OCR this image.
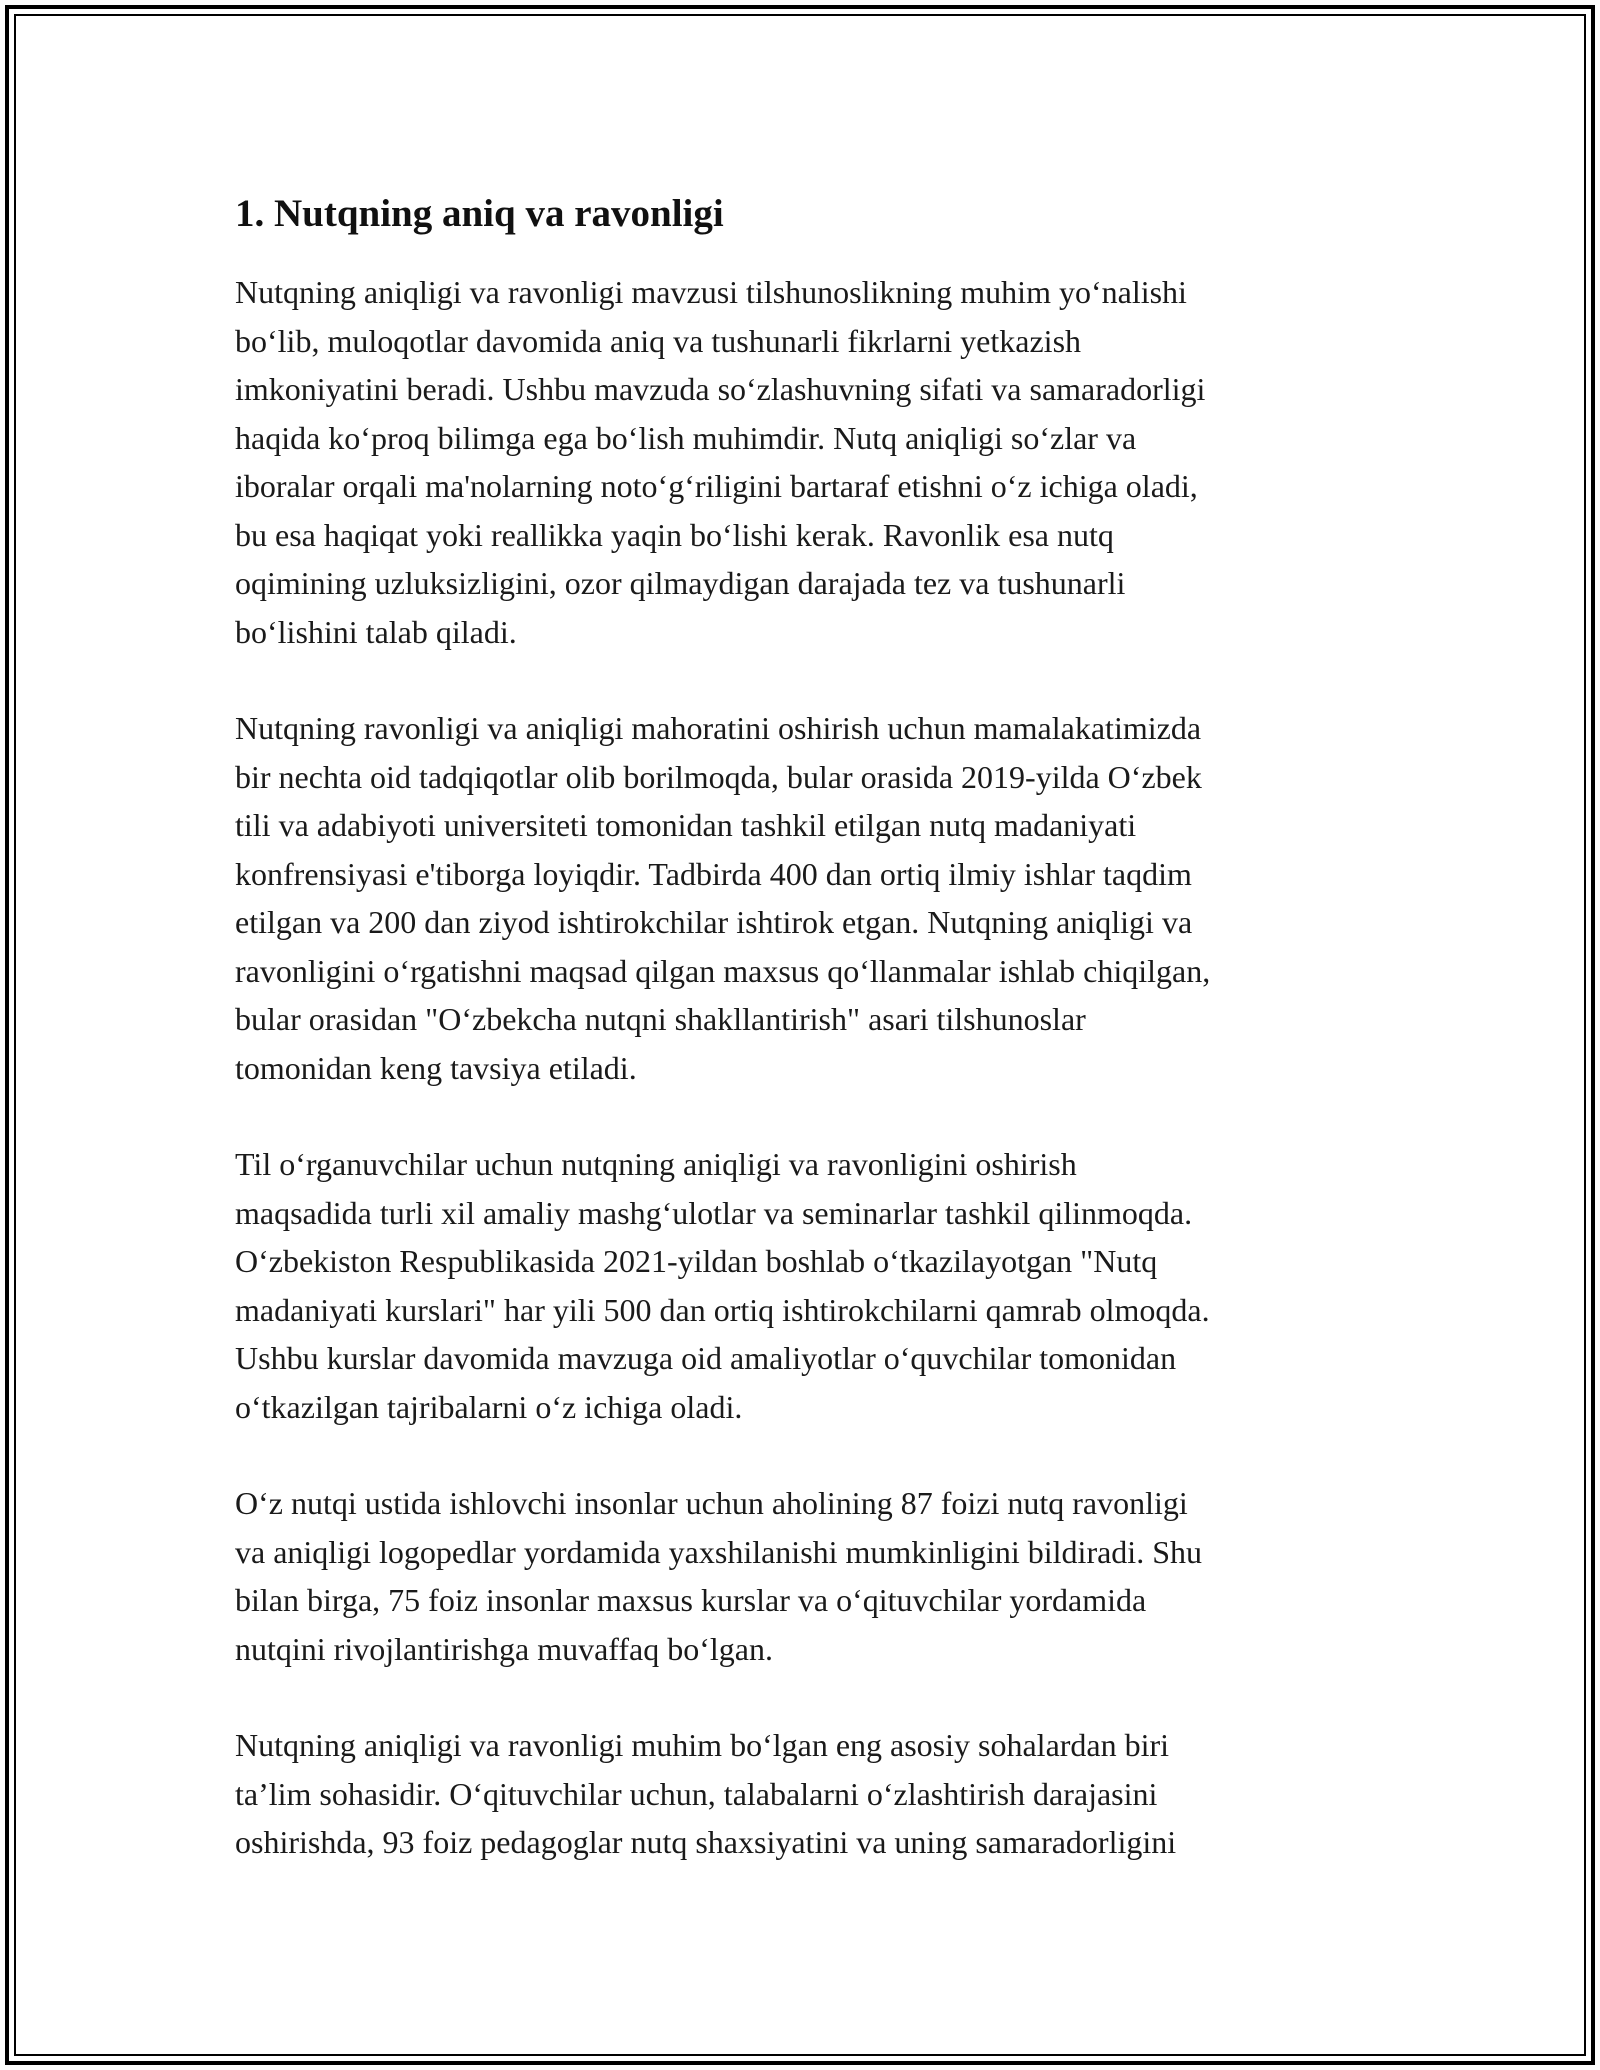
1. Nutqning aniq va ravonligi

Nutqning aniqligi va ravonligi mavzusi tilshunoslikning muhim yo‘nalishi
bo‘lib, muloqotlar davomida aniq va tushunarli fikrlarni yetkazish
imkoniyatini beradi. Ushbu mavzuda so‘zlashuvning sifati va samaradorligi
haqida ko‘proq bilimga ega bo‘lish muhimdir. Nutq aniqligi so‘zlar va
iboralar orqali ma'nolarning noto‘g‘riligini bartaraf etishni o‘z ichiga oladi,
bu esa haqiqat yoki reallikka yaqin bo‘lishi kerak. Ravonlik esa nutq
oqimining uzluksizligini, ozor qilmaydigan darajada tez va tushunarli
bo‘lishini talab qiladi.

Nutqning ravonligi va aniqligi mahoratini oshirish uchun mamalakatimizda
bir nechta oid tadqiqotlar olib borilmoqda, bular orasida 2019-yilda O‘zbek
tili va adabiyoti universiteti tomonidan tashkil etilgan nutq madaniyati
konfrensiyasi e'tiborga loyiqdir. Tadbirda 400 dan ortiq ilmiy ishlar taqdim
etilgan va 200 dan ziyod ishtirokchilar ishtirok etgan. Nutqning aniqligi va
ravonligini o‘rgatishni maqsad qilgan maxsus qo‘llanmalar ishlab chiqilgan,
bular orasidan "O‘zbekcha nutqni shakllantirish" asari tilshunoslar
tomonidan keng tavsiya etiladi.

Til o‘rganuvchilar uchun nutqning aniqligi va ravonligini oshirish
maqsadida turli xil amaliy mashg‘ulotlar va seminarlar tashkil qilinmoqda.
O‘zbekiston Respublikasida 2021-yildan boshlab o‘tkazilayotgan "Nutq
madaniyati kurslari" har yili 500 dan ortiq ishtirokchilarni qamrab olmoqda.
Ushbu kurslar davomida mavzuga oid amaliyotlar o‘quvchilar tomonidan
o‘tkazilgan tajribalarni o‘z ichiga oladi.

O‘z nutqi ustida ishlovchi insonlar uchun aholining 87 foizi nutq ravonligi
va aniqligi logopedlar yordamida yaxshilanishi mumkinligini bildiradi. Shu
bilan birga, 75 foiz insonlar maxsus kurslar va o‘qituvchilar yordamida
nutqini rivojlantirishga muvaffaq bo‘lgan.

Nutqning aniqligi va ravonligi muhim bo‘lgan eng asosiy sohalardan biri
ta’lim sohasidir. O‘qituvchilar uchun, talabalarni o‘zlashtirish darajasini
oshirishda, 93 foiz pedagoglar nutq shaxsiyatini va uning samaradorligini
